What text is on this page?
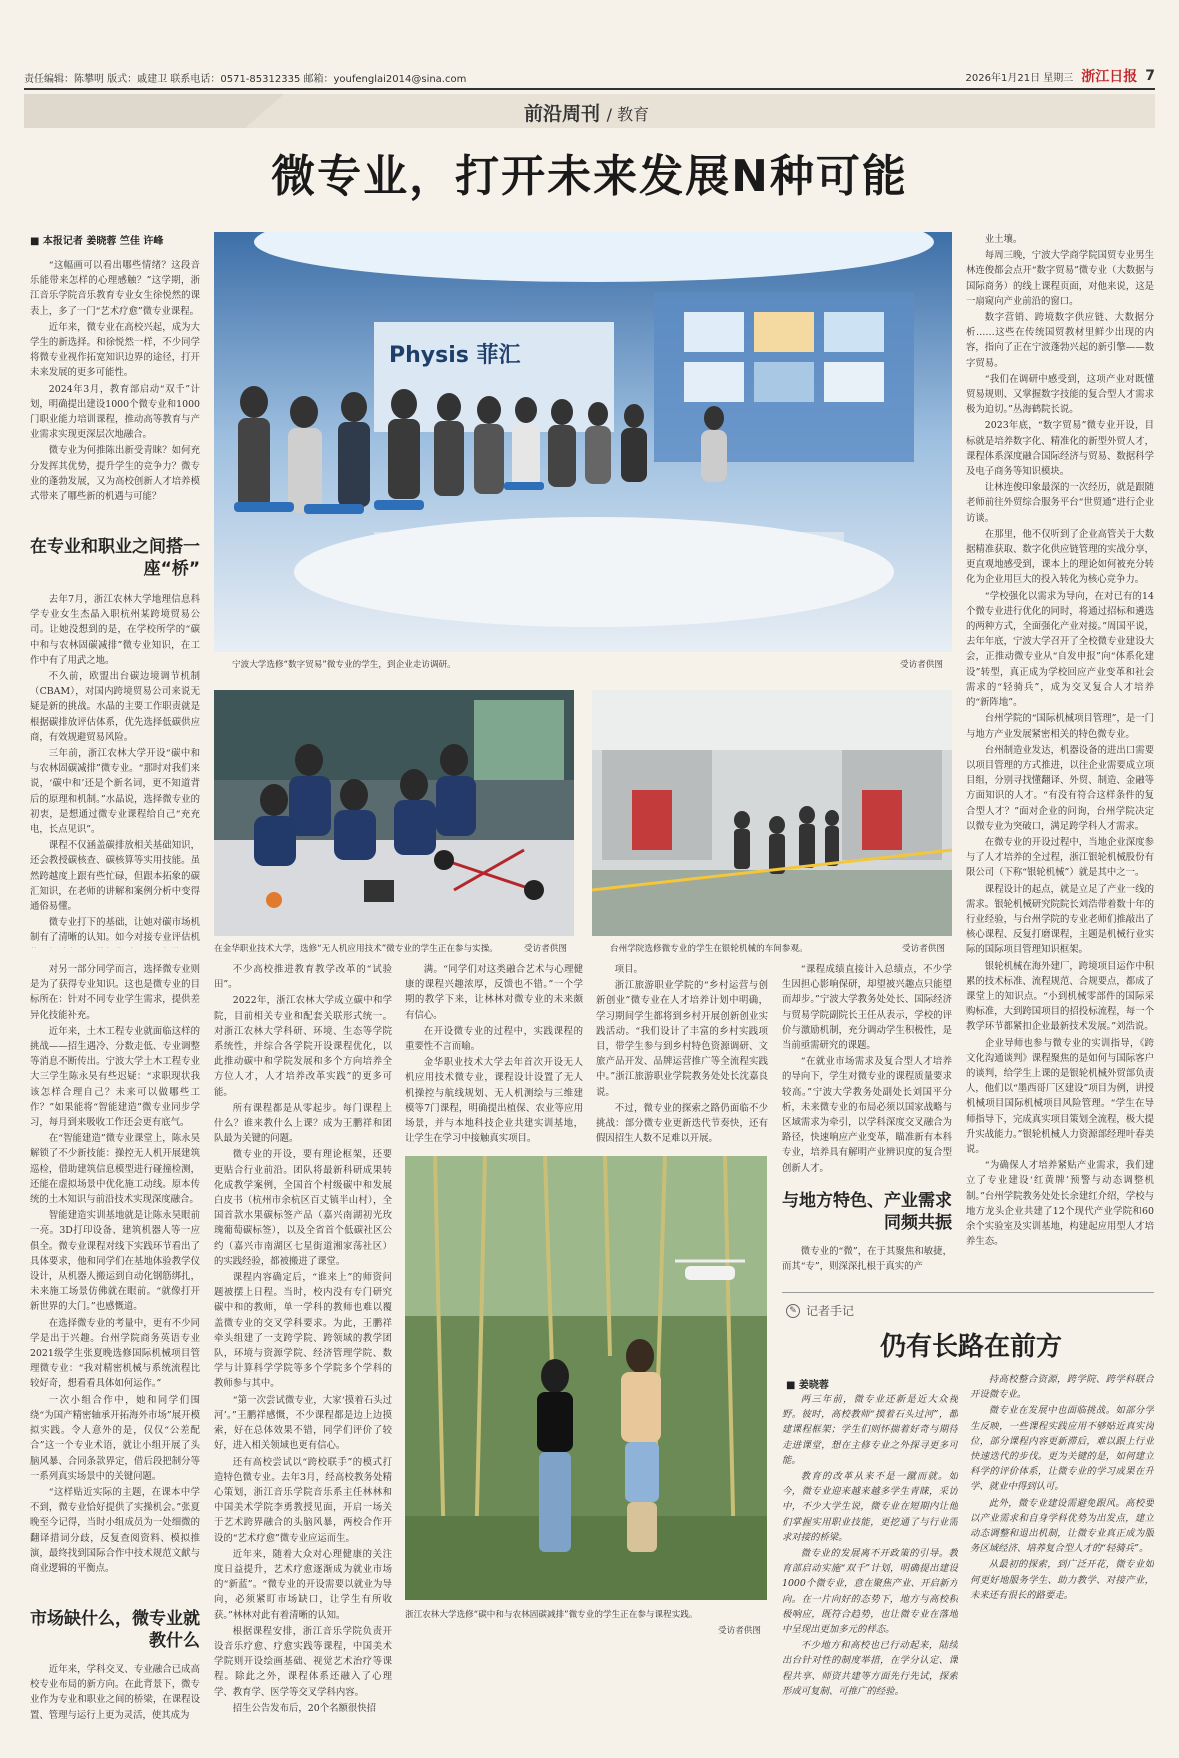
责任编辑：陈攀明 版式：戚建卫 联系电话：0571-85312335 邮箱：youfenglai2014@sina.com	2026年1月21日 星期三 浙江日报 7
前沿周刊 / 教育
微专业，打开未来发展N种可能
■ 本报记者 姜晓蓉 竺佳 许峰
Physis 菲汇
宁波大学选修“数字贸易”微专业的学生，到企业走访调研。	受访者供图
在金华职业技术大学，选修“无人机应用技术”微专业的学生正在参与实操。	受访者供图	台州学院选修微专业的学生在银轮机械的车间参观。	受访者供图
浙江农林大学选修“碳中和与农林固碳减排”微专业的学生正在参与课程实践。
受访者供图

“这幅画可以看出哪些情绪？这段音乐能带来怎样的心理感触？”这学期，浙江音乐学院音乐教育专业女生徐悦然的课表上，多了一门“艺术疗愈”微专业课程。

近年来，微专业在高校兴起，成为大学生的新选择。和徐悦然一样，不少同学将微专业视作拓宽知识边界的途径，打开未来发展的更多可能性。

2024年3月，教育部启动“双千”计划，明确提出建设1000个微专业和1000门职业能力培训课程，推动高等教育与产业需求实现更深层次地融合。

微专业为何推陈出新受青睐？如何充分发挥其优势，提升学生的竞争力？微专业的蓬勃发展，又为高校创新人才培养模式带来了哪些新的机遇与可能？

在专业和职业之间搭一座“桥”

去年7月，浙江农林大学地理信息科学专业女生杰晶入职杭州某跨境贸易公司。让她没想到的是，在学校所学的“碳中和与农林固碳减排”微专业知识，在工作中有了用武之地。

不久前，欧盟出台碳边境调节机制（CBAM），对国内跨境贸易公司来说无疑是新的挑战。水晶的主要工作职责就是根据碳排放评估体系，优先选择低碳供应商，有效规避贸易风险。

三年前，浙江农林大学开设“碳中和与农林固碳减排”微专业。“那时对我们来说，‘碳中和’还是个新名词，更不知道背后的原理和机制。”水晶说，选择微专业的初衷，是想通过微专业课程给自己“充充电，长点见识”。

课程不仅涵盖碳排放相关基础知识，还会教授碳核查、碳核算等实用技能。虽然跨越度上跟有些忙碌，但跟本拓象的碳汇知识，在老师的讲解和案例分析中变得通俗易懂。

微专业打下的基础，让她对碳市场机制有了清晰的认知。如今对接专业评估机

对另一部分同学而言，选择微专业则是为了获得专业知识。这也是微专业的目标所在：针对不同专业学生需求，提供差异化技能补充。

近年来，土木工程专业就面临这样的挑战——招生遇冷、分数走低、专业调整等消息不断传出。宁波大学土木工程专业大三学生陈永昊有些迟疑：“求职现状我该怎样合理自己？未来可以做哪些工作？”如果能将“智能建造”微专业同步学习，每月到来吸收工作还会更有底气。

在“智能建造”微专业课堂上，陈永昊解锁了不少新技能：操控无人机开展建筑巡检，借助建筑信息模型进行碰撞检测，还能在虚拟场景中优化施工动线。原本传统的土木知识与前沿技术实现深度融合。

智能建造实训基地就是让陈永昊眼前一亮。3D打印设备、建筑机器人等一应俱全。微专业课程对线下实践环节看出了具体要求，他和同学们在基地体验教学仪设计，从机器人搬运到自动化钢筋绑扎，未来施工场景仿佛就在眼前。“就像打开新世界的大门。”也感慨道。

在选择微专业的考量中，更有不少同学是出于兴趣。台州学院商务英语专业2021级学生张夏晚选修国际机械项目管理微专业：“我对精密机械与系统流程比较好奇，想看看具体如何运作。”

一次小组合作中，她和同学们围绕“为国产精密轴承开拓海外市场”展开模拟实践。令人意外的是，仅仅“公差配合”这一个专业术语，就让小组开展了头脑风暴、合同条款界定，借后段把制分等一系列真实场景中的关键问题。

“这样贴近实际的主题，在课本中学不到，微专业恰好提供了实操机会。”张夏晚至今记得，当时小组成员为一处细微的翻译措词分歧，反复查阅资料、模拟推演，最终找到国际合作中技术规范文献与商业逻辑的平衡点。

市场缺什么，微专业就教什么

近年来，学科交叉、专业融合已成高校专业布局的新方向。在此背景下，微专业作为专业和职业之间的桥梁，在课程设置、管理与运行上更为灵活，使其成为

不少高校推进教育教学改革的“试验田”。

2022年，浙江农林大学成立碳中和学院，目前相关专业和配套关联形式统一。对浙江农林大学科研、环境、生态等学院系统性，并综合各学院开设课程优化，以此推动碳中和学院发展和多个方向培养全方位人才，人才培养改革实践”的更多可能。

所有课程都是从零起步。每门课程上什么？谁来教什么上课？成为王鹏祥和团队最为关键的问题。

微专业的开设，要有理论框架，还要更贴合行业前沿。团队将最新科研成果转化成教学案例，全国首个村级碳中和发展白皮书（杭州市余杭区百丈镇半山村），全国首款水果碳标签产品（嘉兴南湖初光玫瑰葡萄碳标签），以及全省首个低碳社区公约（嘉兴市南湖区七星街道湘家荡社区）的实践经验，都被搬进了课堂。

课程内容确定后，“谁来上”的师资问题被摆上日程。当时，校内没有专门研究碳中和的教师，单一学科的教师也难以覆盖微专业的交叉学科要求。为此，王鹏祥牵头组建了一支跨学院、跨领域的教学团队，环境与资源学院、经济管理学院、数学与计算科学学院等多个学院多个学科的教师参与其中。

“第一次尝试微专业，大家‘摸着石头过河’。”王鹏祥感慨，不少课程都是边上边摸索，好在总体效果不错，同学们评价了较好，进入相关领域也更有信心。

还有高校尝试以“跨校联手”的模式打造特色微专业。去年3月，经高校教务处精心策划，浙江音乐学院音乐系主任林林和中国美术学院李勇教授见面，开启一场关于艺术跨界融合的头脑风暴，两校合作开设的“艺术疗愈”微专业应运而生。

近年来，随着大众对心理健康的关注度日益提升，艺术疗愈逐渐成为就业市场的“新蓝”。“微专业的开设需要以就业为导向，必须紧盯市场缺口，让学生有所收获。”林林对此有着清晰的认知。

根据课程安排，浙江音乐学院负责开设音乐疗愈、疗愈实践等课程，中国美术学院则开设绘画基础、视觉艺术治疗等课程。除此之外，课程体系还融入了心理学、教育学、医学等交叉学科内容。

招生公告发布后，20个名额很快招

满。“同学们对这类融合艺术与心理健康的课程兴趣浓厚，反馈也不错。”一个学期的教学下来，让林林对微专业的未来颇有信心。

在开设微专业的过程中，实践课程的重要性不言而喻。

金华职业技术大学去年首次开设无人机应用技术微专业，课程设计设置了无人机操控与航线规划、无人机测绘与三维建模等7门课程，明确提出植保、农业等应用场景，并与本地科技企业共建实训基地，让学生在学习中接触真实项目。

项目。

浙江旅游职业学院的“乡村运营与创新创业”微专业在人才培养计划中明确，学习期间学生都将到乡村开展创新创业实践活动。“我们设计了丰富的乡村实践项目，带学生参与到乡村特色资源调研、文旅产品开发、品牌运营推广等全流程实践中。”浙江旅游职业学院教务处处长沈嘉良说。

不过，微专业的探索之路仍面临不少挑战：部分微专业更新迭代节奏快，还有假因招生人数不足难以开展。

“课程成绩直接计入总绩点，不少学生因担心影响保研，却望被兴趣点只能望而却步。”宁波大学教务处处长、国际经济与贸易学院副院长王任从表示，学校的评价与激励机制，充分调动学生积极性，是当前亟需研究的课题。

“在就业市场需求及复合型人才培养的导向下，学生对微专业的课程质量要求较高。”宁波大学教务处副处长刘国平分析，未来微专业的布局必须以国家战略与区域需求为牵引，以学科深度交叉融合为路径，快速响应产业变革，瞄准新有本科专业，培养具有解明产业辨识度的复合型创新人才。

与地方特色、产业需求同频共振

微专业的“微”，在于其聚焦和敏捷，而其“专”，则深深扎根于真实的产

业土壤。

每周三晚，宁波大学商学院国贸专业男生林连俊都会点开“数字贸易”微专业（大数据与国际商务）的线上课程页面，对他来说，这是一扇窥向产业前沿的窗口。

数字营销、跨境数字供应链、大数据分析……这些在传统国贸教材里鲜少出现的内容，指向了正在宁波蓬勃兴起的新引擎——数字贸易。

“我们在调研中感受到，这项产业对既懂贸易规则、又掌握数字技能的复合型人才需求极为迫切。”丛海鹤院长说。

2023年底，“数字贸易”微专业开设，目标就是培养数字化、精准化的新型外贸人才，课程体系深度融合国际经济与贸易、数据科学及电子商务等知识模块。

让林连俊印象最深的一次经历，就是跟随老师前往外贸综合服务平台“世贸通”进行企业访谈。

在那里，他不仅听到了企业高管关于大数据精准获取、数字化供应链管理的实战分享，更直观地感受到，课本上的理论如何被充分转化为企业用巨大的投入转化为核心竞争力。

“学校强化以需求为导向，在对已有的14个微专业进行优化的同时，将通过招标和遴选的两种方式，全面强化产业对接。”周国平说，去年年底，宁波大学召开了全校微专业建设大会，正推动微专业从“自发申报”向“体系化建设”转型，真正成为学校回应产业变革和社会需求的“轻骑兵”，成为交叉复合人才培养的“新阵地”。

台州学院的“国际机械项目管理”，是一门与地方产业发展紧密相关的特色微专业。

台州制造业发达，机器设备的进出口需要以项目管理的方式推进，以往企业需要成立项目组，分别寻找懂翻译、外贸、制造、金融等方面知识的人才。“有没有符合这样条件的复合型人才？”面对企业的问询，台州学院决定以微专业为突破口，满足跨学科人才需求。

在微专业的开设过程中，当地企业深度参与了人才培养的全过程，浙江银轮机械股份有限公司（下称“银轮机械”）就是其中之一。

课程设计的起点，就是立足了产业一线的需求。银轮机械研究院院长刘浩带着数十年的行业经验，与台州学院的专业老师们推敲出了核心课程、反复打磨课程，主题是机械行业实际的国际项目管理知识框架。

银轮机械在海外建厂，跨境项目运作中积累的技术标准、流程规范、合规要点，都成了课堂上的知识点。“小到机械零部件的国际采购标准，大到跨国项目的招投标流程，每一个教学环节都紧扣企业最新技术发展。”刘浩说。

企业导师也参与微专业的实训指导，《跨文化沟通谈判》课程聚焦的是如何与国际客户的谈判，给学生上课的是银轮机械外贸部负责人，他们以“墨西哥厂区建设”项目为例，讲授机械项目国际机械项目风险管理。“学生在导师指导下，完成真实项目策划全流程，极大提升实战能力。”银轮机械人力资源部经理叶春美说。

“为确保人才培养紧贴产业需求，我们建立了专业建设‘红黄牌’预警与动态调整机制。”台州学院教务处处长余建红介绍，学校与地方龙头企业共建了12个现代产业学院和60余个实验室及实训基地，构建起应用型人才培养生态。

✎ 记者手记
仍有长路在前方
■ 姜晓蓉

两三年前，微专业还新是近大众视野。彼时，高校教师“摸着石头过河”，都建课程框架；学生们则怀揣着好奇与期待走进课堂，想在主修专业之外探寻更多可能。

教育的改革从来不是一蹴而就。如今，微专业迎来越来越多学生青睐，采访中，不少大学生说，微专业在短期内让他们掌握实用职业技能，更挖通了与行业需求对接的桥梁。

微专业的发展离不开政策的引导。教育部启动实施“双千”计划，明确提出建设1000个微专业，意在聚焦产业、开启新方向。在一片向好的态势下，地方与高校积极响应，既符合趋势，也让微专业在落地中呈现出更加多元的样态。

不少地方和高校也已行动起来，陆续出台针对性的制度举措，在学分认定、课程共享、师资共建等方面先行先试，探索形成可复制、可推广的经验。

持高校整合资源，跨学院、跨学科联合开设微专业。

微专业在发展中也面临挑战。如部分学生反映，一些课程实践应用不够贴近真实岗位，部分课程内容更新滞后，难以跟上行业快速迭代的步伐。更为关键的是，如何建立科学的评价体系，让微专业的学习成果在升学、就业中得到认可。

此外，微专业建设需避免跟风。高校要以产业需求和自身学科优势为出发点，建立动态调整和退出机制，让微专业真正成为服务区域经济、培养复合型人才的“轻骑兵”。

从最初的探索，到广泛开花，微专业如何更好地服务学生、助力教学、对接产业，未来还有很长的路要走。
